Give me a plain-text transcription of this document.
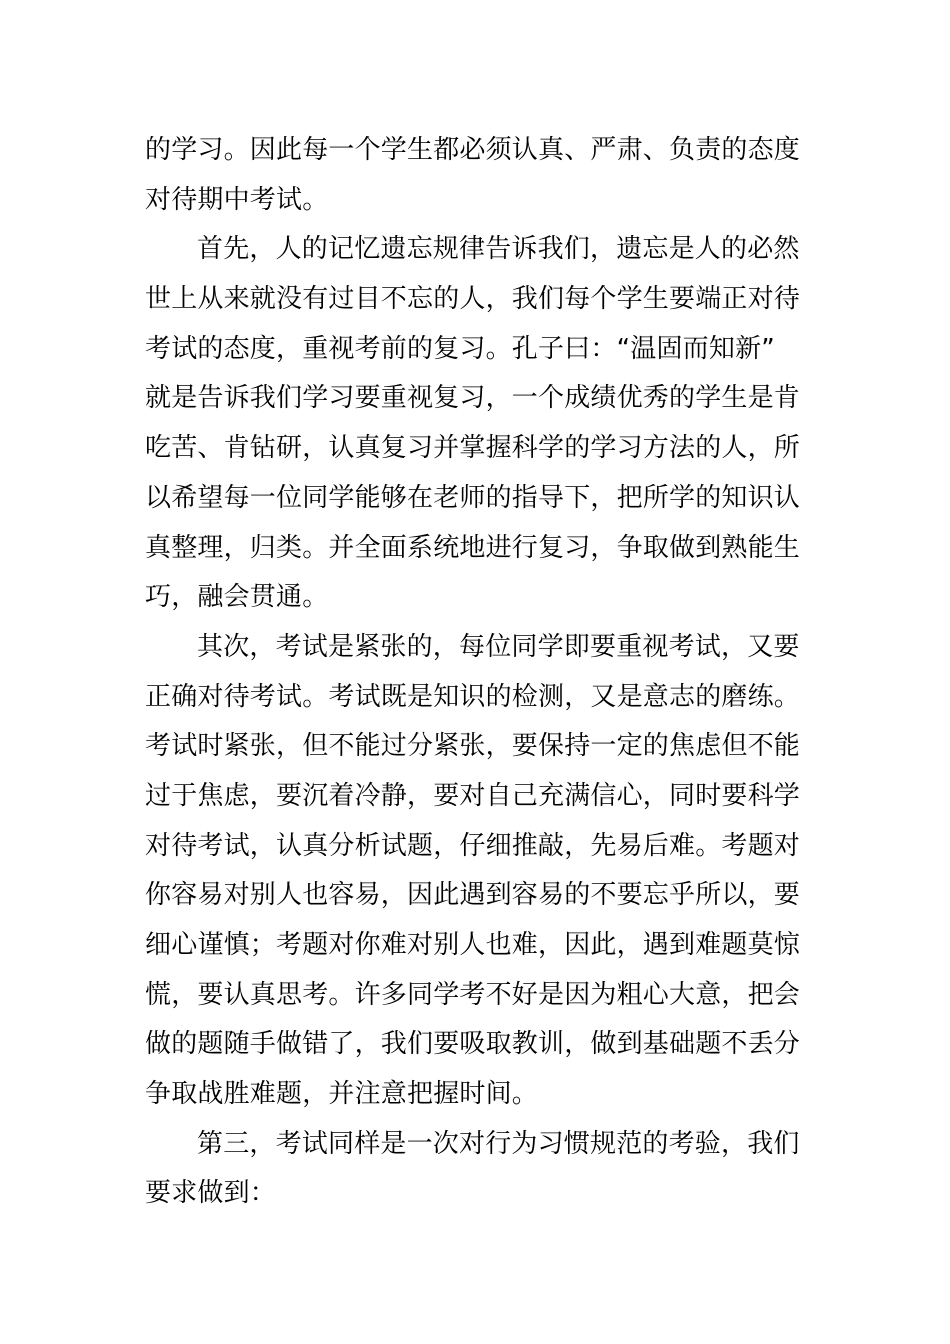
的学习。因此每一个学生都必须认真、严肃、负责的态度
对待期中考试。
首先，人的记忆遗忘规律告诉我们，遗忘是人的必然
世上从来就没有过目不忘的人，我们每个学生要端正对待
考试的态度，重视考前的复习。孔子曰：“温固而知新”
就是告诉我们学习要重视复习，一个成绩优秀的学生是肯
吃苦、肯钻研，认真复习并掌握科学的学习方法的人，所
以希望每一位同学能够在老师的指导下，把所学的知识认
真整理，归类。并全面系统地进行复习，争取做到熟能生
巧，融会贯通。
其次，考试是紧张的，每位同学即要重视考试，又要
正确对待考试。考试既是知识的检测，又是意志的磨练。
考试时紧张，但不能过分紧张，要保持一定的焦虑但不能
过于焦虑，要沉着冷静，要对自己充满信心，同时要科学
对待考试，认真分析试题，仔细推敲，先易后难。考题对
你容易对别人也容易，因此遇到容易的不要忘乎所以，要
细心谨慎；考题对你难对别人也难，因此，遇到难题莫惊
慌，要认真思考。许多同学考不好是因为粗心大意，把会
做的题随手做错了，我们要吸取教训，做到基础题不丢分
争取战胜难题，并注意把握时间。
第三，考试同样是一次对行为习惯规范的考验，我们
要求做到：
